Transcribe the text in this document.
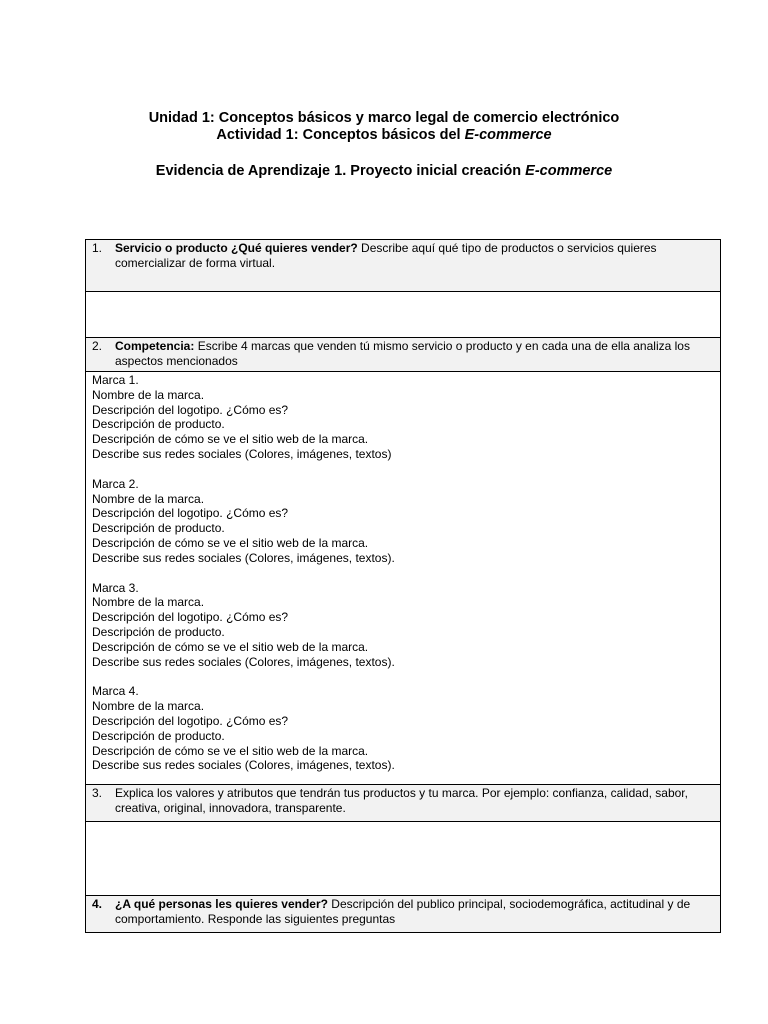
Unidad 1: Conceptos básicos y marco legal de comercio electrónico
Actividad 1: Conceptos básicos del E-commerce
Evidencia de Aprendizaje 1. Proyecto inicial creación E-commerce
1.	Servicio o producto ¿Qué quieres vender? Describe aquí qué tipo de productos o servicios quieres comercializar de forma virtual.

2.	Competencia: Escribe 4 marcas que venden tú mismo servicio o producto y en cada una de ella analiza los aspectos mencionados

Marca 1.
Nombre de la marca.
Descripción del logotipo. ¿Cómo es?
Descripción de producto.
Descripción de cómo se ve el sitio web de la marca.
Describe sus redes sociales (Colores, imágenes, textos)
Marca 2.
Nombre de la marca.
Descripción del logotipo. ¿Cómo es?
Descripción de producto.
Descripción de cómo se ve el sitio web de la marca.
Describe sus redes sociales (Colores, imágenes, textos).
Marca 3.
Nombre de la marca.
Descripción del logotipo. ¿Cómo es?
Descripción de producto.
Descripción de cómo se ve el sitio web de la marca.
Describe sus redes sociales (Colores, imágenes, textos).
Marca 4.
Nombre de la marca.
Descripción del logotipo. ¿Cómo es?
Descripción de producto.
Descripción de cómo se ve el sitio web de la marca.
Describe sus redes sociales (Colores, imágenes, textos).

3.	Explica los valores y atributos que tendrán tus productos y tu marca. Por ejemplo: confianza, calidad, sabor, creativa, original, innovadora, transparente.

4.	¿A qué personas les quieres vender? Descripción del publico principal, sociodemográfica, actitudinal y de comportamiento. Responde las siguientes preguntas
